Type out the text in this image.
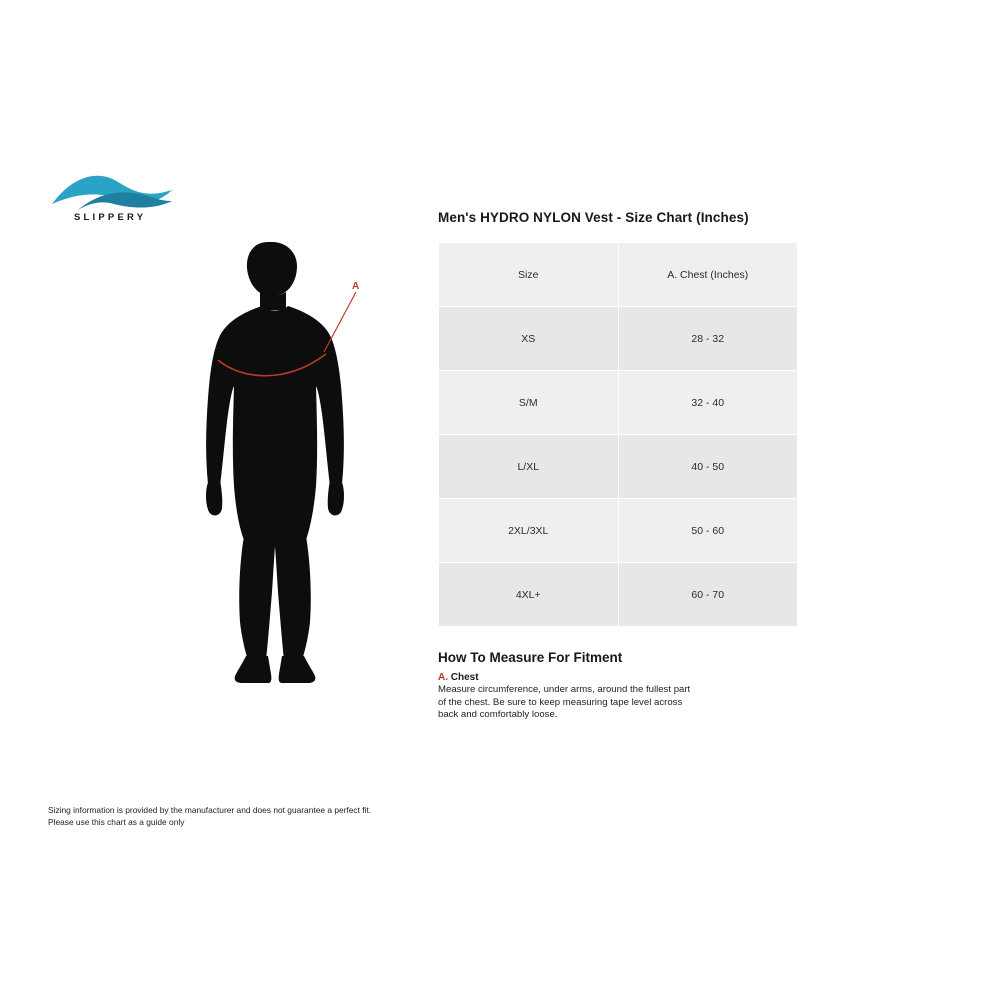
SLIPPERY
A
Men's HYDRO NYLON Vest - Size Chart (Inches)
Size	A. Chest (Inches)
XS	28 - 32
S/M	32 - 40
L/XL	40 - 50
2XL/3XL	50 - 60
4XL+	60 - 70
How To Measure For Fitment
A. Chest
Measure circumference, under arms, around the fullest part of the chest. Be sure to keep measuring tape level across back and comfortably loose.
Sizing information is provided by the manufacturer and does not guarantee a perfect fit.
Please use this chart as a guide only
